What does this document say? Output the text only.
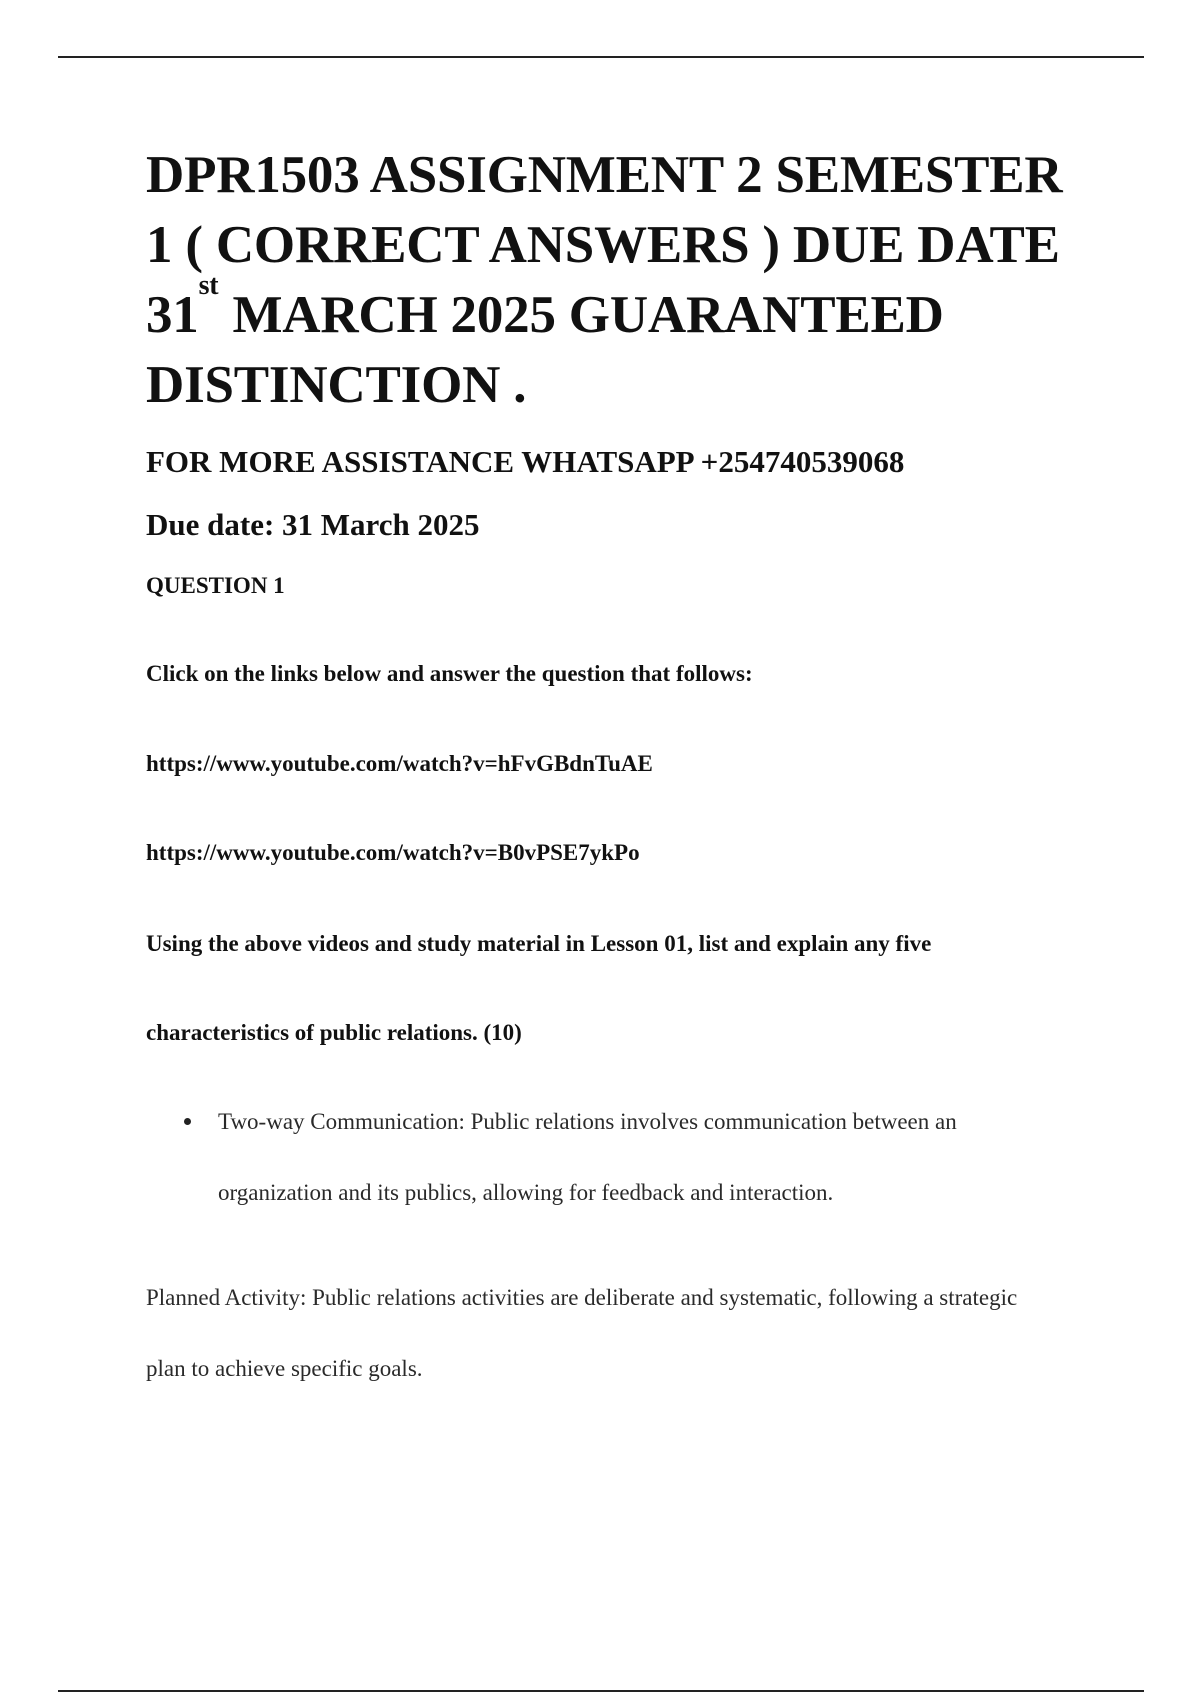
DPR1503 ASSIGNMENT 2 SEMESTER
1 ( CORRECT ANSWERS ) DUE DATE
31stMARCH 2025 GUARANTEED
DISTINCTION .

FOR MORE ASSISTANCE WHATSAPP +254740539068

Due date: 31 March 2025

QUESTION 1

Click on the links below and answer the question that follows:

https://www.youtube.com/watch?v=hFvGBdnTuAE

https://www.youtube.com/watch?v=B0vPSE7ykPo

Using the above videos and study material in Lesson 01, list and explain any five

characteristics of public relations. (10)

Two-way Communication: Public relations involves communication between an
organization and its publics, allowing for feedback and interaction.
Planned Activity: Public relations activities are deliberate and systematic, following a strategic
plan to achieve specific goals.
